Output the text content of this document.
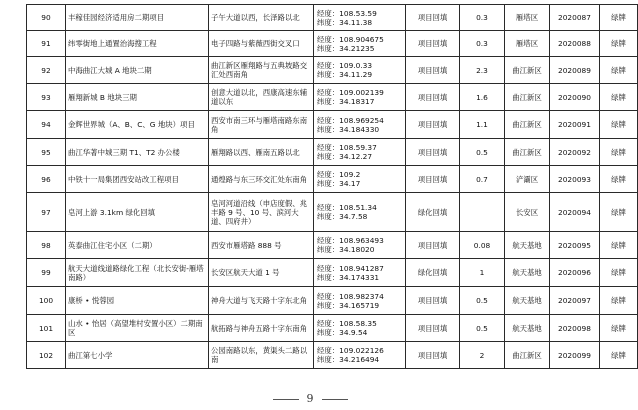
90	丰稼佳园经济适用房二期项目	子午大道以西，长泽路以北	经度：108.53.59
纬度：34.11.38	项目回填	0.3	雁塔区	2020087	绿牌
91	纬零街地上通置治海搜工程	电子四路与紫薇西街交叉口	经度：108.904675
纬度：34.21235	项目回填	0.3	雁塔区	2020088	绿牌
92	中海曲江大城 A 地块二期	曲江新区雁翔路与五典坡路交汇处西南角	经度：109.0.33
纬度：34.11.29	项目回填	2.3	曲江新区	2020089	绿牌
93	雁翔新城 B 地块三期	创意大道以北，西康高速东辅道以东	经度：109.002139
纬度：34.18317	项目回填	1.6	曲江新区	2020090	绿牌
94	金辉世界城（A、B、C、G 地块）项目	西安市南三环与雁塔南路东南角	经度：108.969254
纬度：34.184330	项目回填	1.1	曲江新区	2020091	绿牌
95	曲江华著中城三期 T1、T2 办公楼	雁翔路以西、雁南五路以北	经度：108.59.37
纬度：34.12.27	项目回填	0.5	曲江新区	2020092	绿牌
96	中铁十一局集团西安站改工程项目	通煌路与东三环交汇处东南角	经度：109.2
纬度：34.17	项目回填	0.7	浐灞区	2020093	绿牌
97	皂河上游 3.1km 绿化回填	皂河河道沿线（申店度假、兆丰路 9 号、10 号、滨河大道、四府井）	经度：108.51.34
纬度：34.7.58	绿化回填		长安区	2020094	绿牌
98	英泰曲江住宅小区（二期）	西安市雁塔路 888 号	经度：108.963493
纬度：34.18020	项目回填	0.08	航天基地	2020095	绿牌
99	航天大道线道路绿化工程（北长安街-雁塔南路）	长安区航天大道 1 号	经度：108.941287
纬度：34.174331	绿化回填	1	航天基地	2020096	绿牌
100	康桥 • 悦蓉园	神舟大道与飞天路十字东北角	经度：108.982374
纬度：34.165719	项目回填	0.5	航天基地	2020097	绿牌
101	山水 • 怡居（高望堆村安置小区）二期南区	航拓路与神舟五路十字东南角	经度：108.58.35
纬度：34.9.54	项目回填	0.5	航天基地	2020098	绿牌
102	曲江第七小学	公园南路以东，黄渠头二路以南	经度：109.022126
纬度：34.216494	项目回填	2	曲江新区	2020099	绿牌
9
